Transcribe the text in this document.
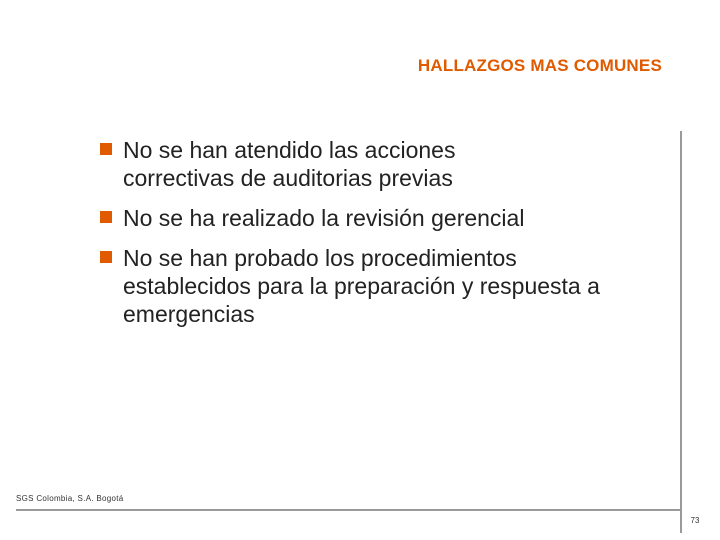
HALLAZGOS MAS COMUNES
No se han atendido las acciones correctivas de auditorias previas
No se ha realizado la revisión gerencial
No se han probado los procedimientos establecidos para la preparación y respuesta a emergencias
SGS Colombia, S.A. Bogotá
73
